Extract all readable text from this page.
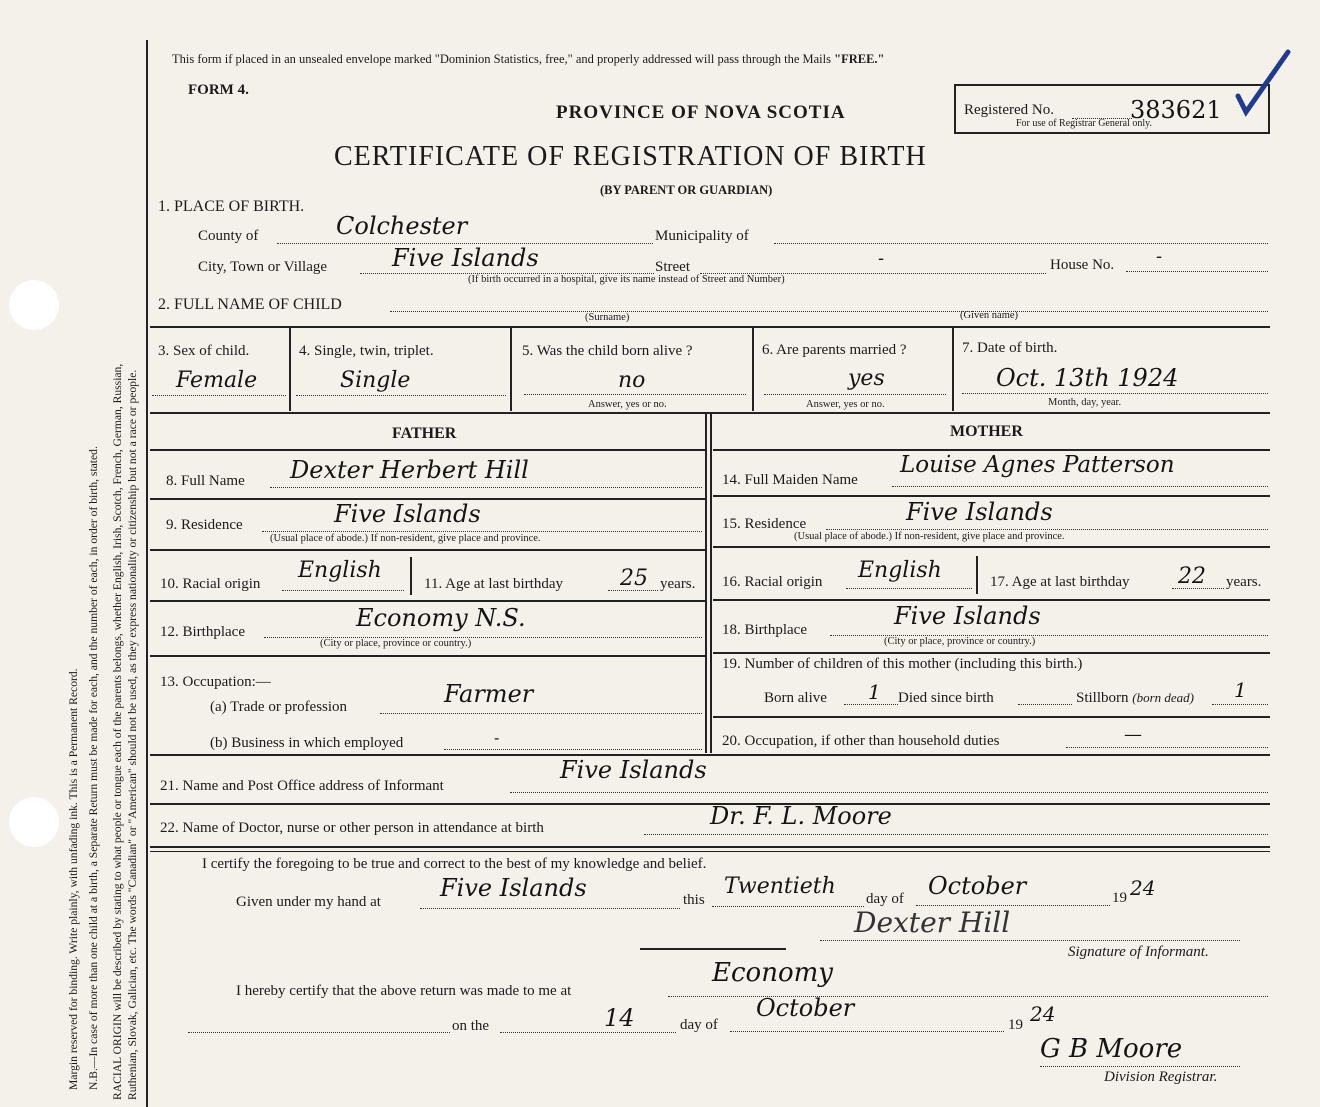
Margin reserved for binding. Write plainly, with unfading ink. This is a Permanent Record. N.B.—In case of more than one child at a birth, a Separate Return must be made for each, and the number of each, in order of birth, stated. RACIAL ORIGIN will be described by stating to what people or tongue each of the parents belongs, whether English, Irish, Scotch, French, German, Russian, Ruthenian, Slovak, Galician, etc. The words "Canadian" or "American" should not be used, as they express nationality or citizenship but not a race or people.
This form if placed in an unsealed envelope marked "Dominion Statistics, free," and properly addressed will pass through the Mails "FREE."
FORM 4.
PROVINCE OF NOVA SCOTIA
CERTIFICATE OF REGISTRATION OF BIRTH
(BY PARENT OR GUARDIAN)
Registered No.	383621
For use of Registrar General only.
1. PLACE OF BIRTH.
County of	Colchester	Municipality of
City, Town or Village	Five Islands	Street	-	House No. -
(If birth occurred in a hospital, give its name instead of Street and Number)
2. FULL NAME OF CHILD
(Surname)	(Given name)
3. Sex of child.
Female
4. Single, twin, triplet.
Single
5. Was the child born alive ?
no
Answer, yes or no.
6. Are parents married ?
yes
Answer, yes or no.
7. Date of birth.
Oct. 13th 1924
Month, day, year.
FATHER
8. Full Name Dexter Herbert Hill
9. Residence	Five Islands
(Usual place of abode.) If non-resident, give place and province.
10. Racial origin
English
11. Age at last birthday	25 years.
12. Birthplace	Economy N.S.
(City or place, province or country.)
13. Occupation:—
(a) Trade or profession	Farmer
(b) Business in which employed	-
MOTHER
14. Full Maiden Name
Louise Agnes Patterson
15. Residence	Five Islands
(Usual place of abode.) If non-resident, give place and province.
16. Racial origin English	17. Age at last birthday 22 years.
18. Birthplace	Five Islands
(City or place, province or country.)
19. Number of children of this mother (including this birth.)
Born alive 1 Died since birth	Stillborn (born dead) 1
20. Occupation, if other than household duties	—
21. Name and Post Office address of Informant
Five Islands
22. Name of Doctor, nurse or other person in attendance at birth	Dr. F. L. Moore
I certify the foregoing to be true and correct to the best of my knowledge and belief.
Given under my hand at Five Islands	this
Twentieth day of October	19 24
Dexter Hill
Signature of Informant.
I hereby certify that the above return was made to me at
Economy
on the	14	day of
October
19 24
G B Moore
Division Registrar.
